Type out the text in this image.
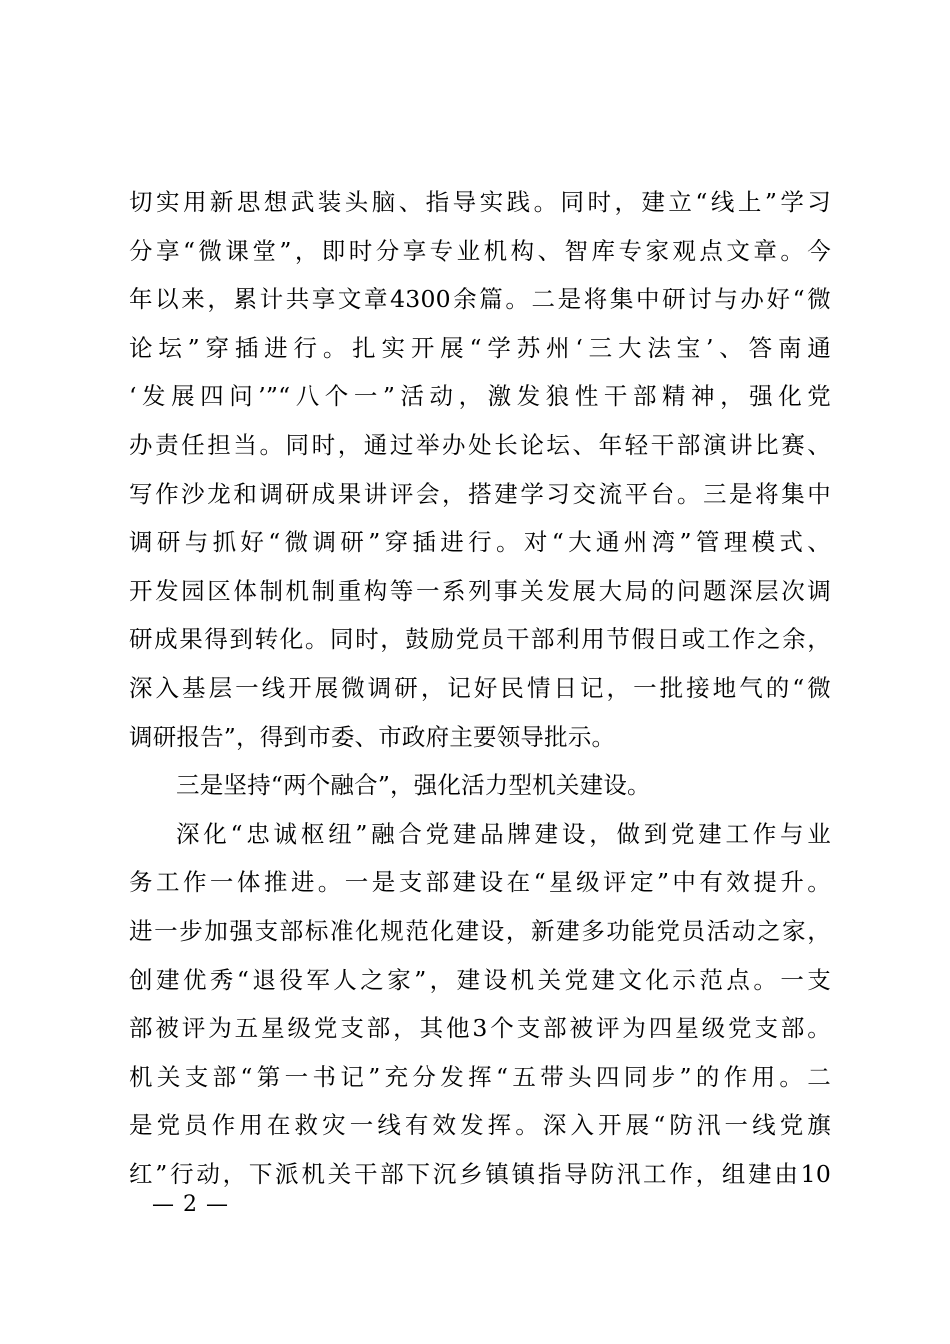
切实用新思想武装头脑、指导实践。同时，建立“线上”学习
分享“微课堂”，即时分享专业机构、智库专家观点文章。今
年以来，累计共享文章4300余篇。二是将集中研讨与办好“微
论坛”穿插进行。扎实开展“学苏州‘三大法宝’、答南通
‘发展四问’”“八个一”活动，激发狼性干部精神，强化党
办责任担当。同时，通过举办处长论坛、年轻干部演讲比赛、
写作沙龙和调研成果讲评会，搭建学习交流平台。三是将集中
调研与抓好“微调研”穿插进行。对“大通州湾”管理模式、
开发园区体制机制重构等一系列事关发展大局的问题深层次调
研成果得到转化。同时，鼓励党员干部利用节假日或工作之余，
深入基层一线开展微调研，记好民情日记，一批接地气的“微
调研报告”，得到市委、市政府主要领导批示。
三是坚持“两个融合”，强化活力型机关建设。
深化“忠诚枢纽”融合党建品牌建设，做到党建工作与业
务工作一体推进。一是支部建设在“星级评定”中有效提升。
进一步加强支部标准化规范化建设，新建多功能党员活动之家，
创建优秀“退役军人之家”，建设机关党建文化示范点。一支
部被评为五星级党支部，其他3个支部被评为四星级党支部。
机关支部“第一书记”充分发挥“五带头四同步”的作用。二
是党员作用在救灾一线有效发挥。深入开展“防汛一线党旗
红”行动，下派机关干部下沉乡镇镇指导防汛工作，组建由10
— 2 —
